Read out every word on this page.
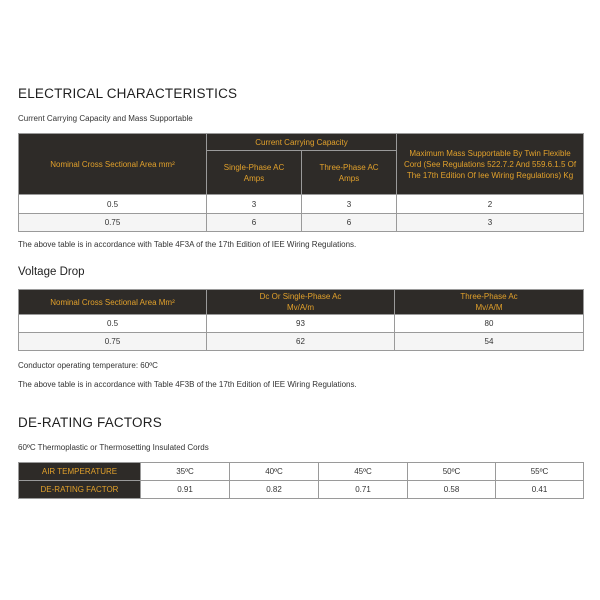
ELECTRICAL CHARACTERISTICS
Current Carrying Capacity and Mass Supportable
Nominal Cross Sectional Area mm²	Current Carrying Capacity		Maximum Mass Supportable By Twin Flexible Cord (See Regulations 522.7.2 And 559.6.1.5 Of The 17th Edition Of Iee Wiring Regulations) Kg
	Single-Phase AC Amps	Three-Phase AC Amps	
0.5	3	3	2
0.75	6	6	3
The above table is in accordance with Table 4F3A of the 17th Edition of IEE Wiring Regulations.
Voltage Drop
Nominal Cross Sectional Area Mm²	Dc Or Single-Phase Ac Mv/A/m	Three-Phase Ac Mv/A/M
0.5	93	80
0.75	62	54
Conductor operating temperature: 60ºC
The above table is in accordance with Table 4F3B of the 17th Edition of IEE Wiring Regulations.
DE-RATING FACTORS
60ºC Thermoplastic or Thermosetting Insulated Cords
AIR TEMPERATURE	35ºC	40ºC	45ºC	50ºC	55ºC
DE-RATING FACTOR	0.91	0.82	0.71	0.58	0.41
